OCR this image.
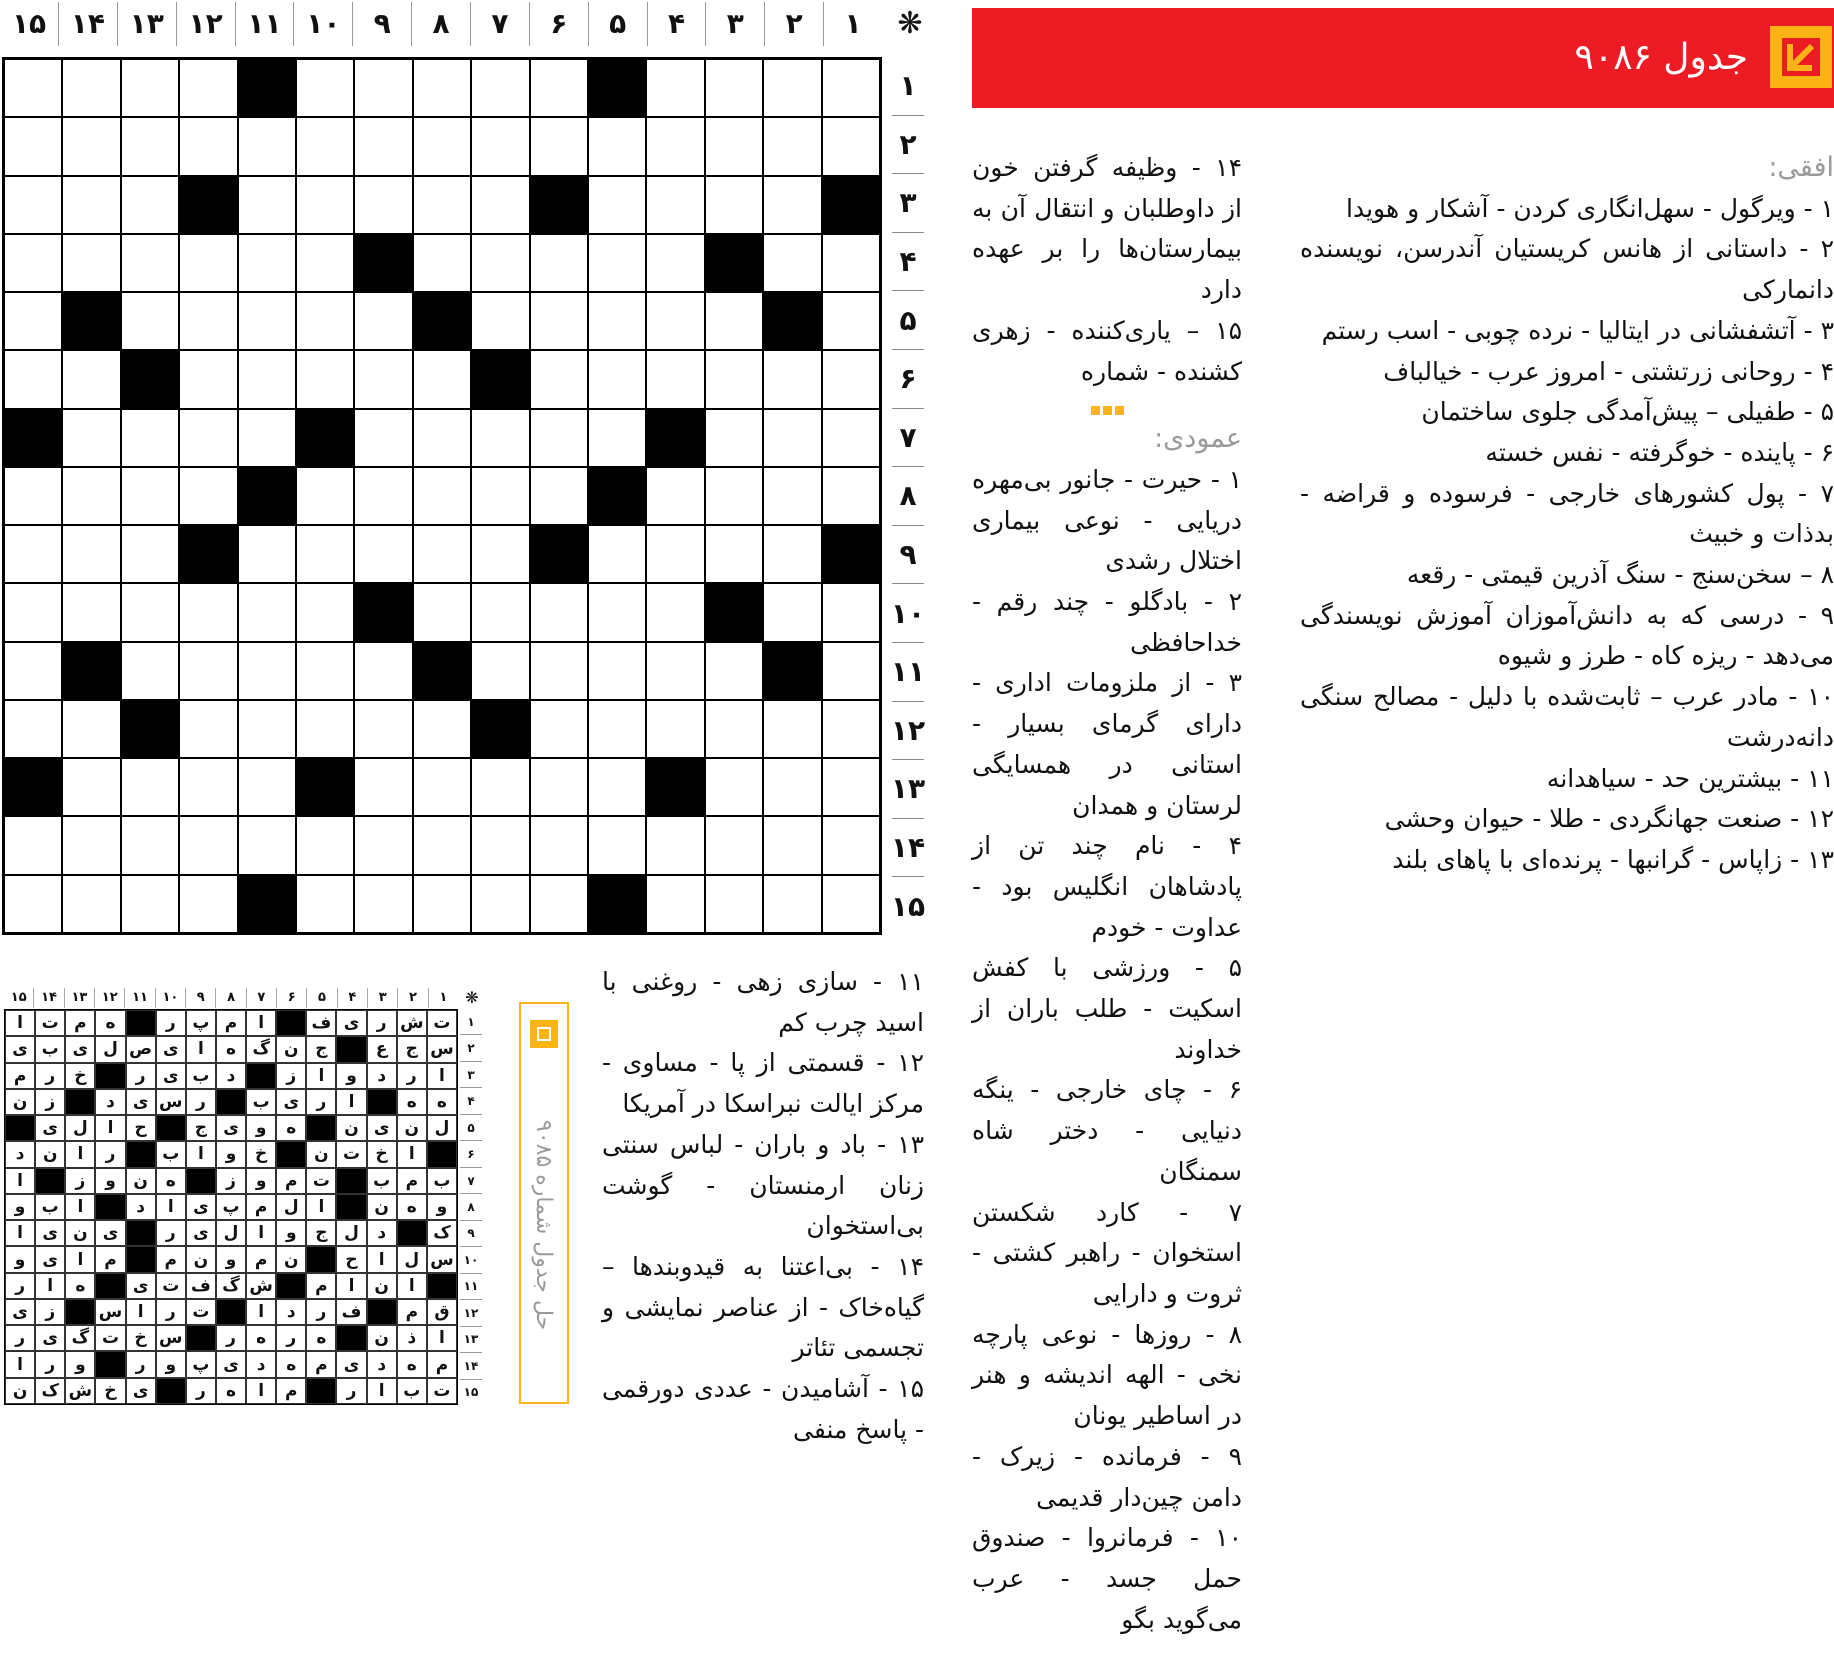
۱
۲
۳
۴
۵
۶
۷
۸
۹
۱۰
۱۱
۱۲
۱۳
۱۴
۱۵	❋
۱
۲
۳
۴
۵
۶
۷
۸
۹
۱۰
۱۱
۱۲
۱۳
۱۴
۱۵
جدول ۹۰۸۶
افقی:

۱ - ویرگول - سهل‌انگاری کردن - آشکار و هویدا

۲ - داستانی از هانس کریستیان آندرسن، نویسنده دانمارکی

۳ - آتشفشانی در ایتالیا - نرده چوبی - اسب رستم

۴ - روحانی زرتشتی - امروز عرب - خیالباف

۵ - طفیلی – پیش‌آمدگی جلوی ساختمان

۶ - پاینده - خوگرفته - نفس خسته

۷ - پول کشورهای خارجی - فرسوده و قراضه - بدذات و خبیث

۸ – سخن‌سنج - سنگ آذرین قیمتی - رقعه

۹ - درسی که به دانش‌آموزان آموزش نویسندگی می‌دهد - ریزه کاه - طرز و شیوه

۱۰ - مادر عرب – ثابت‌شده با دلیل - مصالح سنگی دانه‌درشت

۱۱ - بیشترین حد - سیاهدانه

۱۲ - صنعت جهانگردی - طلا - حیوان وحشی

۱۳ - زاپاس - گرانبها - پرنده‌ای با پاهای بلند

۱۴ - وظیفه گرفتن خون از داوطلبان و انتقال آن به بیمارستان‌ها را بر عهده دارد

۱۵ – یاری‌کننده - زهری کشنده - شماره

عمودی:

۱ - حیرت - جانور بی‌مهره دریایی - نوعی بیماری اختلال رشدی

۲ - بادگلو - چند رقم - خداحافظی

۳ - از ملزومات اداری - دارای گرمای بسیار - استانی در همسایگی لرستان و همدان

۴ - نام چند تن از پادشاهان انگلیس بود - عداوت - خودم

۵ - ورزشی با کفش اسکیت - طلب باران از خداوند

۶ - چای خارجی - ینگه دنیایی - دختر شاه سمنگان

۷ - کارد شکستن استخوان - راهبر کشتی - ثروت و دارایی

۸ - روزها - نوعی پارچه نخی - الهه اندیشه و هنر در اساطیر یونان

۹ - فرمانده - زیرک - دامن چین‌دار قدیمی

۱۰ - فرمانروا - صندوق حمل جسد - عرب می‌گوید بگو

۱۱ - سازی زهی - روغنی با اسید چرب کم

۱۲ - قسمتی از پا - مساوی - مرکز ایالت نبراسکا در آمریکا

۱۳ - باد و باران - لباس سنتی زنان ارمنستان - گوشت بی‌استخوان

۱۴ - بی‌اعتنا به قیدوبندها – گیاه‌خاک - از عناصر نمایشی و تجسمی تئاتر

۱۵ - آشامیدن - عددی دورقمی - پاسخ منفی

حل جدول شماره ۹۰۸۵
۱
۲
۳
۴
۵
۶
۷
۸
۹
۱۰
۱۱
۱۲
۱۳
۱۴
۱۵	❋
ت
ش
ر
ی
ف
ا
م
پ
ر
ه
م
ت
ا
س
ج
ع
ج
ن
گ
ه
ا
ی
ص
ل
ی
ب
ی
ا
ر
د
و
ا
ز
د
ب
ی
ر
خ
ر
م
ه
ه
ا
ر
ی
ب
ر
س
ی
د
ز
ن
ل
ن
ی
ن
ه
و
ی
ج
ح
ا
ل
ی
ا
خ
ت
ن
خ
و
ا
ب
ر
ا
ن
د
ب
م
ب
ت
م
و
ز
ه
ن
و
ز
ا
و
ه
ن
ا
ل
م
پ
ی
ا
د
ا
ب
و
ک
د
ل
ج
و
ا
ل
ی
ر
ی
ن
ی
ا
س
ل
ا
ح
ن
م
و
ن
م
م
ا
ی
و
ا
ن
ا
م
ش
گ
ف
ت
ی
ه
ا
ر
ق
م
ف
ر
د
ا
ت
ر
ا
س
ز
ی
ا
ذ
ن
ه
ر
ه
ر
س
خ
ت
گ
ی
ر
م
ه
د
ی
م
ه
د
ی
پ
و
ر
و
ر
ا
ت
ب
ا
ر
م
ا
ه
ر
ی
خ
ش
ک
ن
۱
۲
۳
۴
۵
۶
۷
۸
۹
۱۰
۱۱
۱۲
۱۳
۱۴
۱۵
